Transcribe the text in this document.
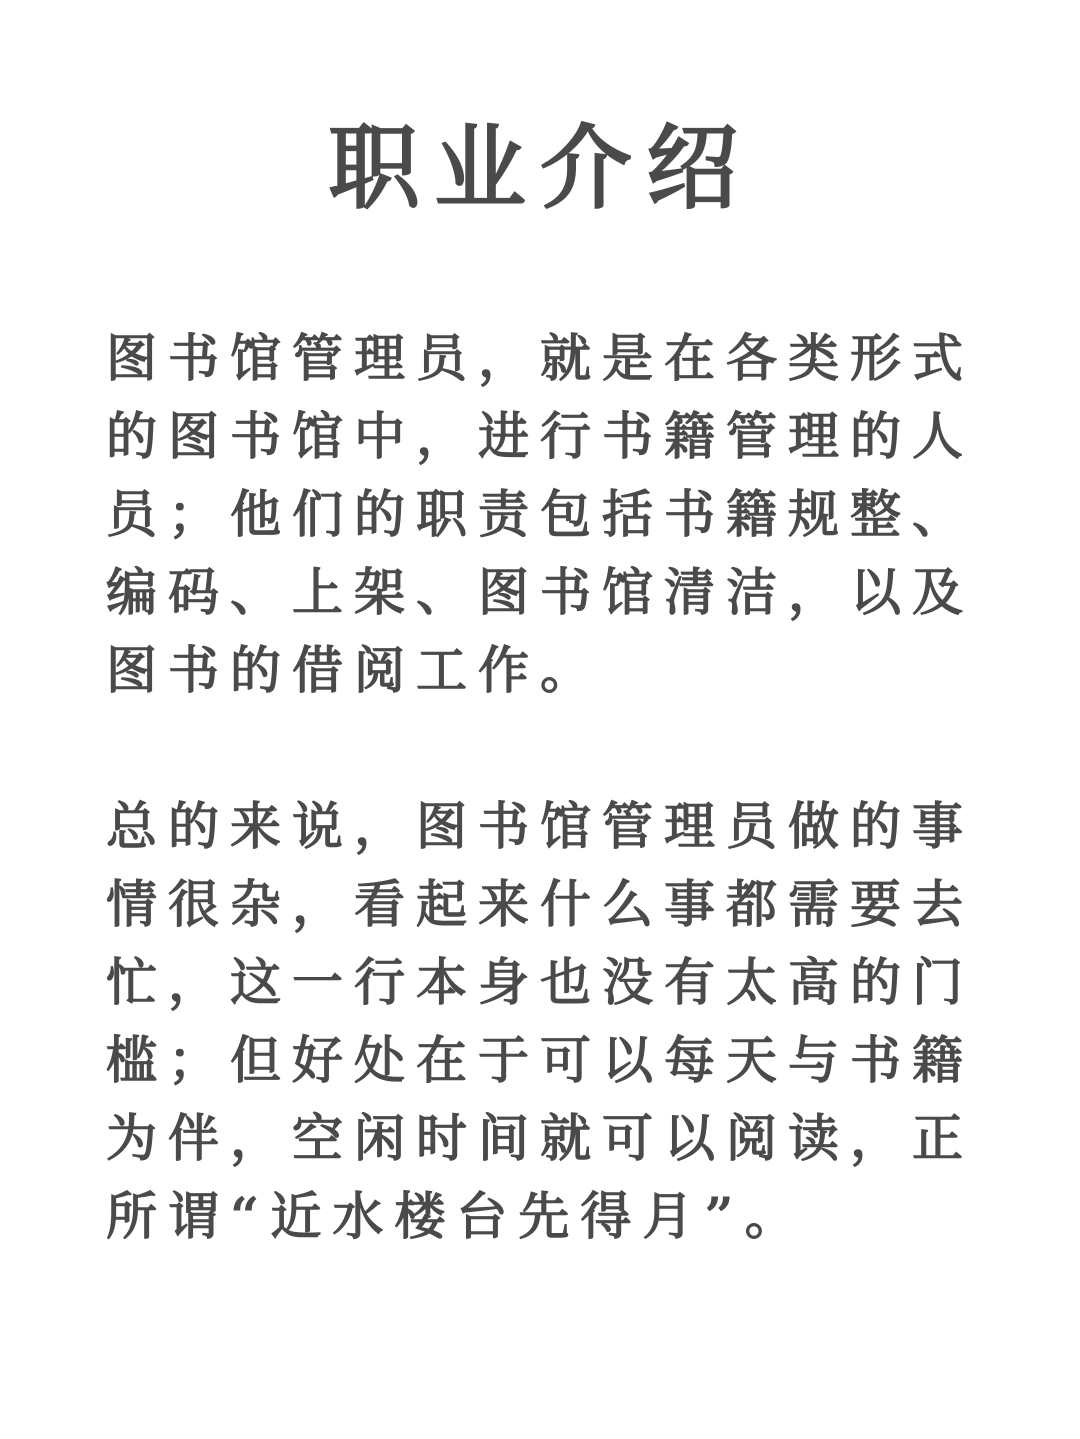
职业介绍

图书馆管理员，就是在各类形式的图书馆中，进行书籍管理的人员；他们的职责包括书籍规整、编码、上架、图书馆清洁，以及图书的借阅工作。

总的来说，图书馆管理员做的事情很杂，看起来什么事都需要去忙，这一行本身也没有太高的门槛；但好处在于可以每天与书籍为伴，空闲时间就可以阅读，正所谓“近水楼台先得月”。
